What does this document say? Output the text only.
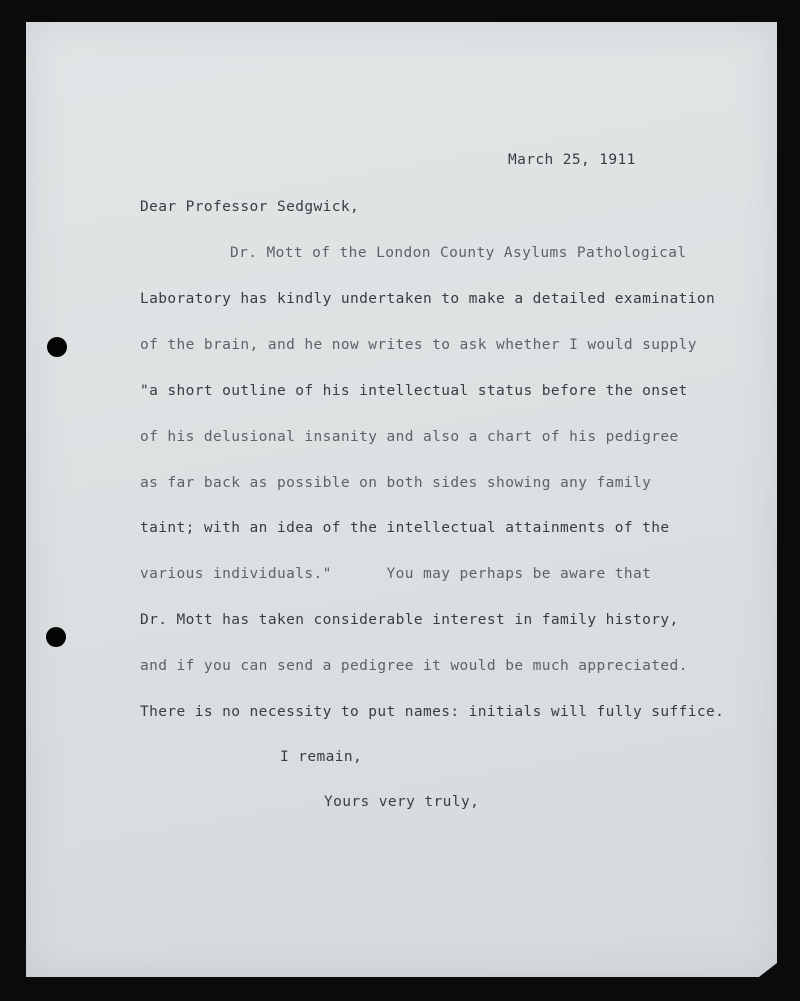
March 25, 1911
Dear Professor Sedgwick,
Dr. Mott of the London County Asylums Pathological
Laboratory has kindly undertaken to make a detailed examination
of the brain, and he now writes to ask whether I would supply
"a short outline of his intellectual status before the onset
of his delusional insanity and also a chart of his pedigree
as far back as possible on both sides showing any family
taint; with an idea of the intellectual attainments of the
various individuals."      You may perhaps be aware that
Dr. Mott has taken considerable interest in family history,
and if you can send a pedigree it would be much appreciated.
There is no necessity to put names: initials will fully suffice.
I remain,
Yours very truly,
